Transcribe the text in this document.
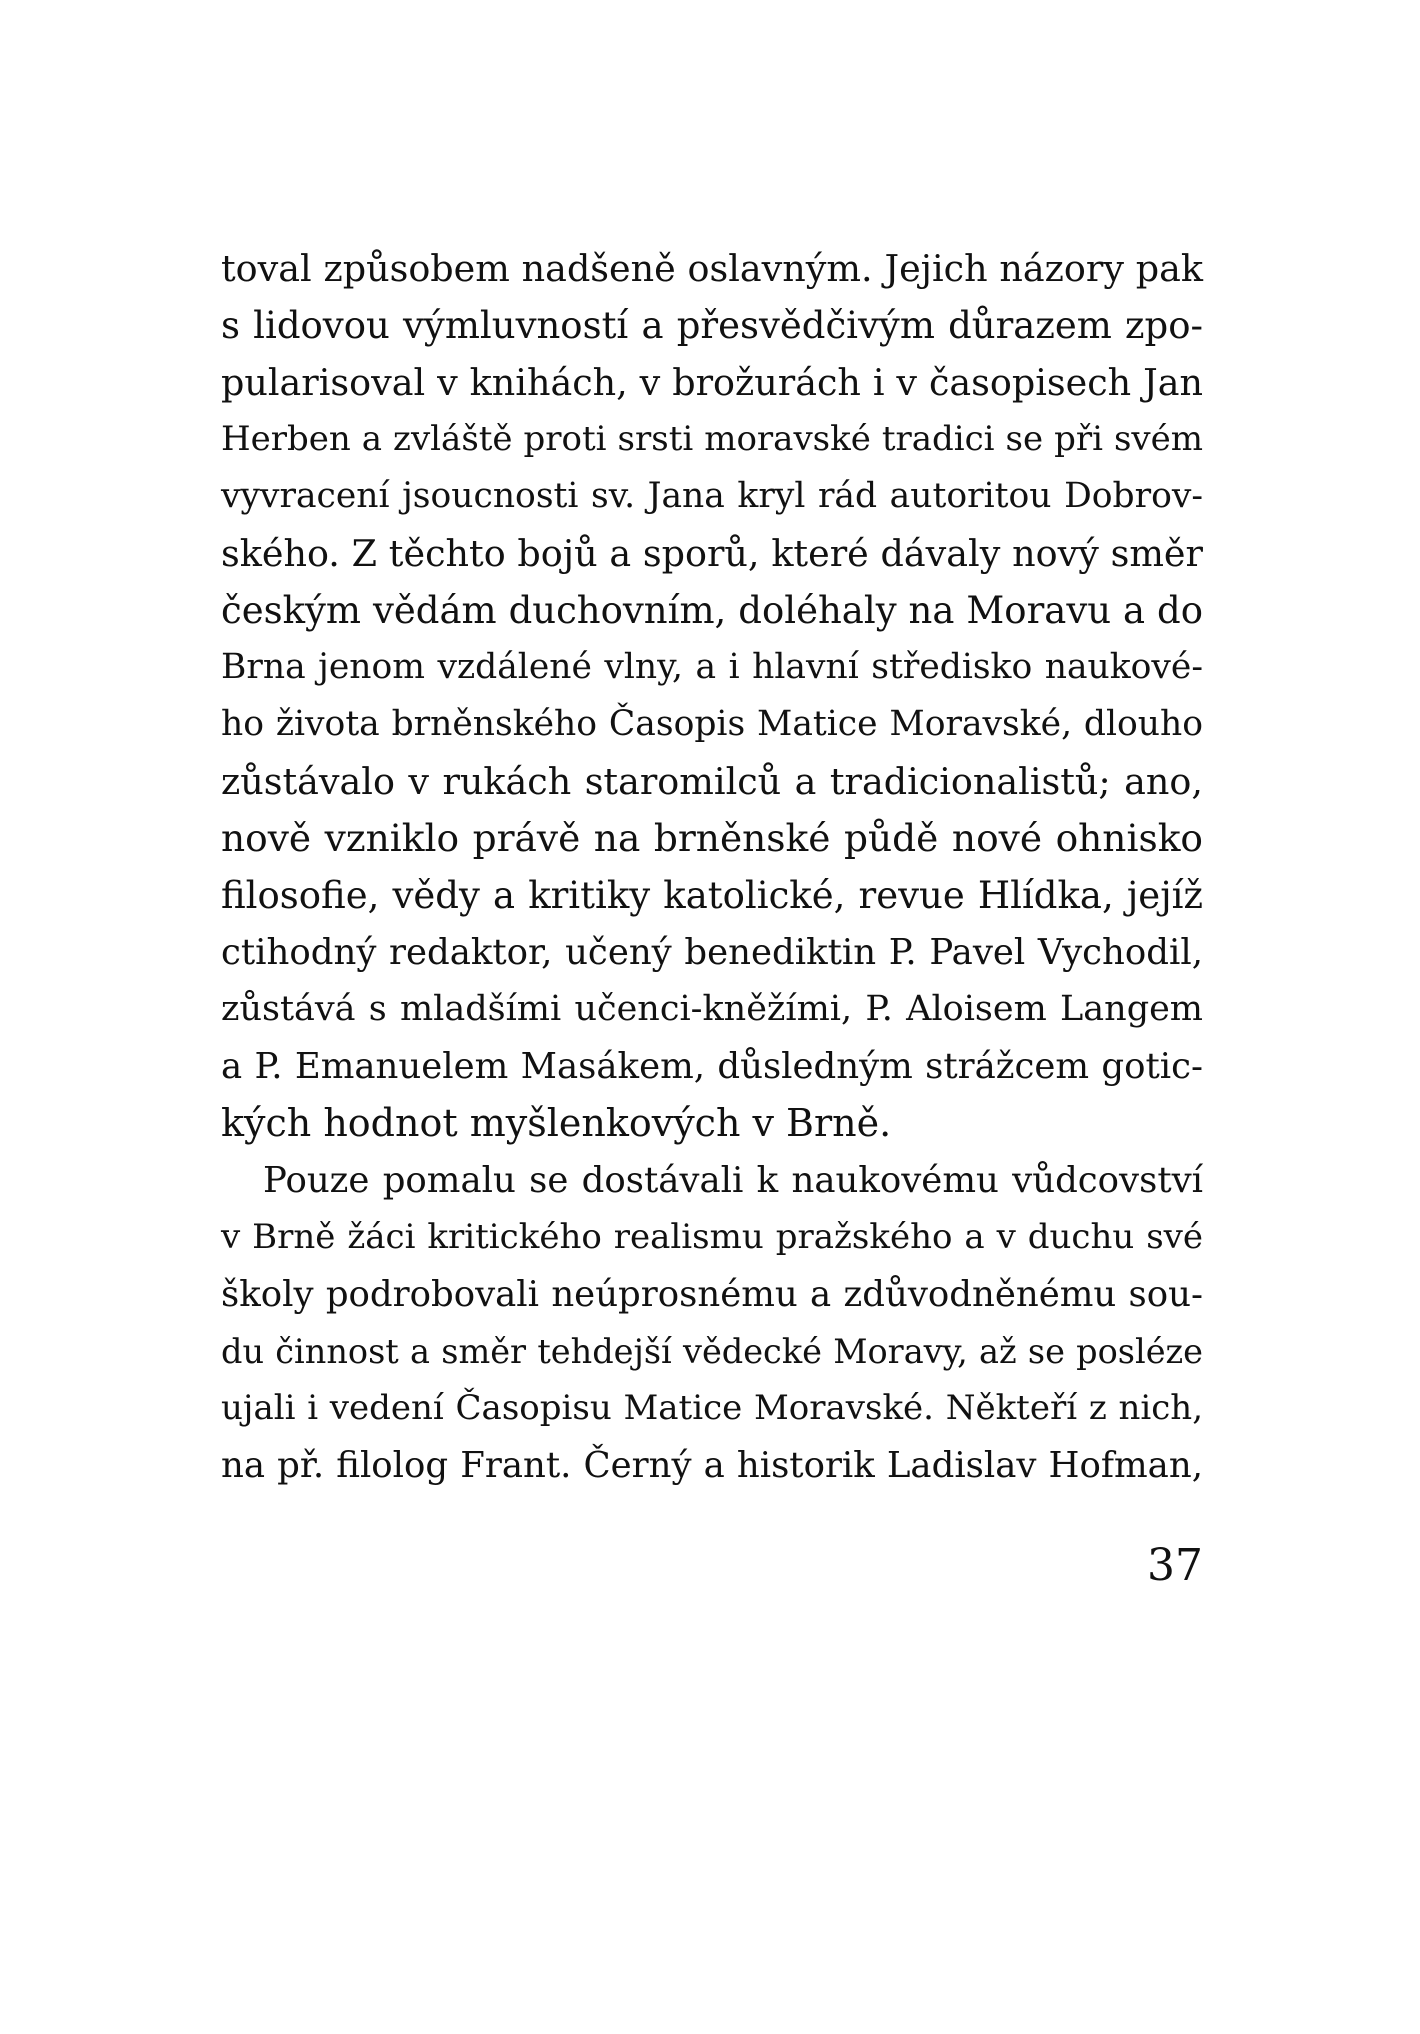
toval způsobem nadšeně oslavným. Jejich názory pak
s lidovou výmluvností a přesvědčivým důrazem zpo-
pularisoval v knihách, v brožurách i v časopisech Jan
Herben a zvláště proti srsti moravské tradici se při svém
vyvracení jsoucnosti sv. Jana kryl rád autoritou Dobrov-
ského. Z těchto bojů a sporů, které dávaly nový směr
českým vědám duchovním, doléhaly na Moravu a do
Brna jenom vzdálené vlny, a i hlavní středisko naukové-
ho života brněnského Časopis Matice Moravské, dlouho
zůstávalo v rukách staromilců a tradicionalistů; ano,
nově vzniklo právě na brněnské půdě nové ohnisko
filosofie, vědy a kritiky katolické, revue Hlídka, jejíž
ctihodný redaktor, učený benediktin P. Pavel Vychodil,
zůstává s mladšími učenci-kněžími, P. Aloisem Langem
a P. Emanuelem Masákem, důsledným strážcem gotic-
kých hodnot myšlenkových v Brně.
Pouze pomalu se dostávali k naukovému vůdcovství
v Brně žáci kritického realismu pražského a v duchu své
školy podrobovali neúprosnému a zdůvodněnému sou-
du činnost a směr tehdejší vědecké Moravy, až se posléze
ujali i vedení Časopisu Matice Moravské. Někteří z nich,
na př. filolog Frant. Černý a historik Ladislav Hofman,
37
